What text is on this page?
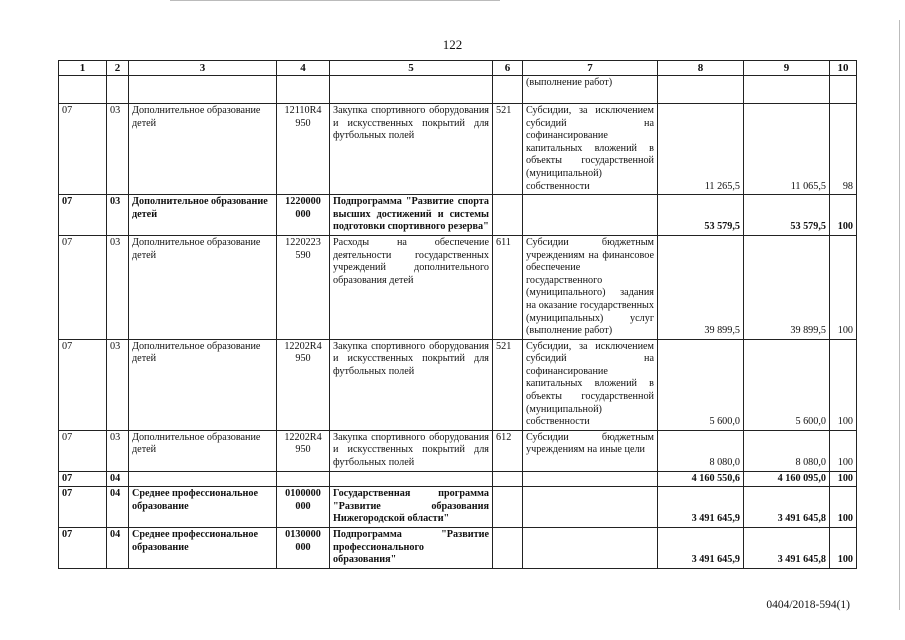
122
1	2	3	4	5	6	7	8	9	10
						(выполнение работ)			
07	03	Дополнительное образование детей	12110R4 950	Закупка спортивного оборудования и искусственных покрытий для футбольных полей	521	Субсидии, за исключением субсидий на софинансирование капитальных вложений в объекты государственной (муниципальной) собственности	11 265,5	11 065,5	98
07	03	Дополнительное образование детей	1220000 000	Подпрограмма "Развитие спорта высших достижений и системы подготовки спортивного резерва"			53 579,5	53 579,5	100
07	03	Дополнительное образование детей	1220223 590	Расходы на обеспечение деятельности государственных учреждений дополнительного образования детей	611	Субсидии бюджетным учреждениям на финансовое обеспечение государственного (муниципального) задания на оказание государственных (муниципальных) услуг (выполнение работ)	39 899,5	39 899,5	100
07	03	Дополнительное образование детей	12202R4 950	Закупка спортивного оборудования и искусственных покрытий для футбольных полей	521	Субсидии, за исключением субсидий на софинансирование капитальных вложений в объекты государственной (муниципальной) собственности	5 600,0	5 600,0	100
07	03	Дополнительное образование детей	12202R4 950	Закупка спортивного оборудования и искусственных покрытий для футбольных полей	612	Субсидии бюджетным учреждениям на иные цели	8 080,0	8 080,0	100
07	04						4 160 550,6	4 160 095,0	100
07	04	Среднее профессиональное образование	0100000 000	Государственная программа "Развитие образования Нижегородской области"			3 491 645,9	3 491 645,8	100
07	04	Среднее профессиональное образование	0130000 000	Подпрограмма "Развитие профессионального образования"			3 491 645,9	3 491 645,8	100
0404/2018-594(1)
